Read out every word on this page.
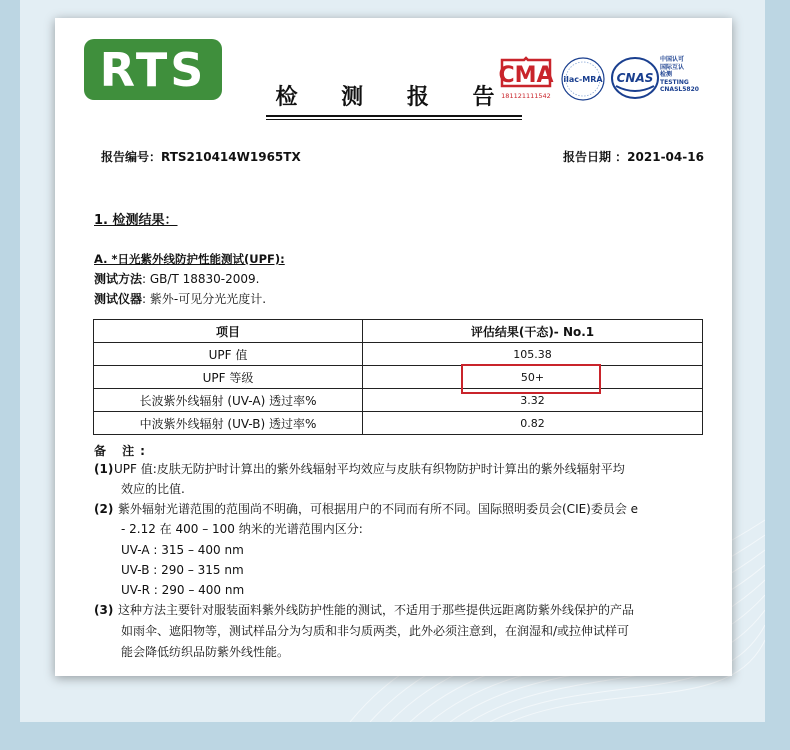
RTS
检 测 报 告
CMA
181121111542
ilac-MRA CNAS
中国认可
国际互认
检测
TESTING
CNASL5820
报告编号：RTS210414W1965TX	报告日期 ：2021-04-16
1. 检测结果：
A. *日光紫外线防护性能测试(UPF):
测试方法: GB/T 18830-2009.
测试仪器: 紫外-可见分光光度计.
项目	评估结果(干态)- No.1
UPF 值	105.38
UPF 等级	50+
长波紫外线辐射 (UV-A) 透过率%	3.32
中波紫外线辐射 (UV-B) 透过率%	0.82
备 注:
(1) UPF 值:皮肤无防护时计算出的紫外线辐射平均效应与皮肤有织物防护时计算出的紫外线辐射平均
效应的比值.
(2) 紫外辐射光谱范围的范围尚不明确，可根据用户的不同而有所不同。国际照明委员会(CIE)委员会 e
- 2.12 在 400 – 100 纳米的光谱范围内区分:
UV-A : 315 – 400 nm
UV-B : 290 – 315 nm
UV-R : 290 – 400 nm
(3) 这种方法主要针对服装面料紫外线防护性能的测试，不适用于那些提供远距离防紫外线保护的产品
如雨伞、遮阳物等，测试样品分为匀质和非匀质两类，此外必须注意到，在润湿和/或拉伸试样可
能会降低纺织品防紫外线性能。
